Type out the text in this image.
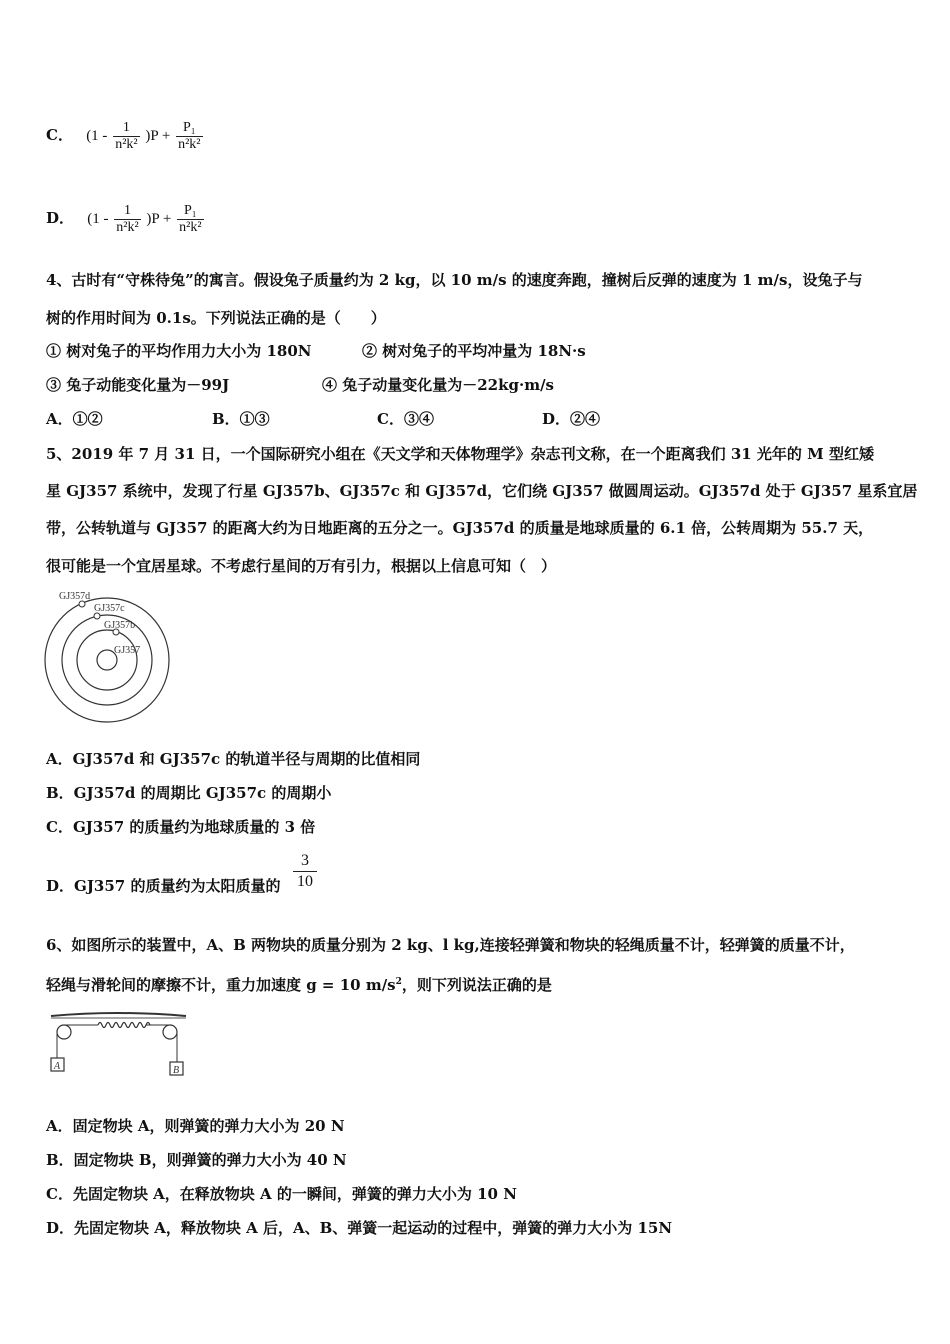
C． $(1 - \frac{1}{\text{n²k²}} )P + \frac{\text{P₁}}{\text{n²k²}}$
D． $(1 - \frac{1}{\text{n²k²}} )P + \frac{\text{P₁}}{\text{n²k²}}$
4、古时有“守株待兔”的寓言。假设兔子质量约为 2 kg，以 10 m/s 的速度奔跑，撞树后反弹的速度为 1 m/s，设兔子与
树的作用时间为 0.1s。下列说法正确的是（　　）
① 树对兔子的平均作用力大小为 180N	② 树对兔子的平均冲量为 18N·s
③ 兔子动能变化量为－99J	④ 兔子动量变化量为－22kg·m/s
A．①②	B．①③	C．③④	D．②④
5、2019 年 7 月 31 日，一个国际研究小组在《天文学和天体物理学》杂志刊文称，在一个距离我们 31 光年的 M 型红矮
星 GJ357 系统中，发现了行星 GJ357b、GJ357c 和 GJ357d，它们绕 GJ357 做圆周运动。GJ357d 处于 GJ357 星系宜居
带，公转轨道与 GJ357 的距离大约为日地距离的五分之一。GJ357d 的质量是地球质量的 6.1 倍，公转周期为 55.7 天，
很可能是一个宜居星球。不考虑行星间的万有引力，根据以上信息可知（　）
GJ357d
GJ357c
GJ357b
GJ357
A．GJ357d 和 GJ357c 的轨道半径与周期的比值相同
B．GJ357d 的周期比 GJ357c 的周期小
C．GJ357 的质量约为地球质量的 3 倍
D．GJ357 的质量约为太阳质量的 $\frac{3}{10}$
6、如图所示的装置中，A、B 两物块的质量分别为 2 kg、l kg,连接轻弹簧和物块的轻绳质量不计，轻弹簧的质量不计，
轻绳与滑轮间的摩擦不计，重力加速度 g = 10 $m/s^2$，则下列说法正确的是
A	B
A．固定物块 A，则弹簧的弹力大小为 20 N
B．固定物块 B，则弹簧的弹力大小为 40 N
C．先固定物块 A，在释放物块 A 的一瞬间，弹簧的弹力大小为 10 N
D．先固定物块 A，释放物块 A 后，A、B、弹簧一起运动的过程中，弹簧的弹力大小为 15N
